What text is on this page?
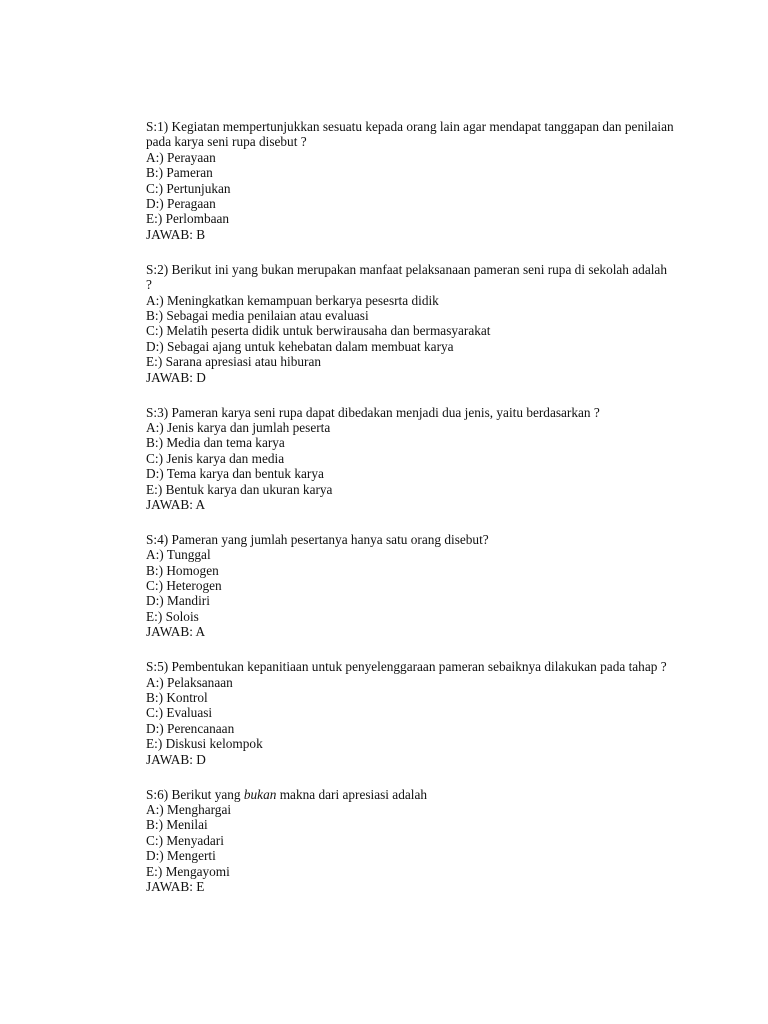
S:1) Kegiatan mempertunjukkan sesuatu kepada orang lain agar mendapat tanggapan dan penilaian pada karya seni rupa disebut ?
A:) Perayaan
B:) Pameran
C:) Pertunjukan
D:) Peragaan
E:) Perlombaan
JAWAB: B
S:2) Berikut ini yang bukan merupakan manfaat pelaksanaan pameran seni rupa di sekolah adalah ?
A:) Meningkatkan kemampuan berkarya pesesrta didik
B:) Sebagai media penilaian atau evaluasi
C:) Melatih peserta didik untuk berwirausaha dan bermasyarakat
D:) Sebagai ajang untuk kehebatan dalam membuat karya
E:) Sarana apresiasi atau hiburan
JAWAB: D
S:3) Pameran karya seni rupa dapat dibedakan menjadi dua jenis, yaitu berdasarkan ?
A:) Jenis karya dan jumlah peserta
B:) Media dan tema karya
C:) Jenis karya dan media
D:) Tema karya dan bentuk karya
E:) Bentuk karya dan ukuran karya
JAWAB: A
S:4) Pameran yang jumlah pesertanya hanya satu orang disebut?
A:) Tunggal
B:) Homogen
C:) Heterogen
D:) Mandiri
E:) Solois
JAWAB: A
S:5) Pembentukan kepanitiaan untuk penyelenggaraan pameran sebaiknya dilakukan pada tahap ?
A:) Pelaksanaan
B:) Kontrol
C:) Evaluasi
D:) Perencanaan
E:) Diskusi kelompok
JAWAB: D
S:6) Berikut yang bukan makna dari apresiasi adalah
A:) Menghargai
B:) Menilai
C:) Menyadari
D:) Mengerti
E:) Mengayomi
JAWAB: E
